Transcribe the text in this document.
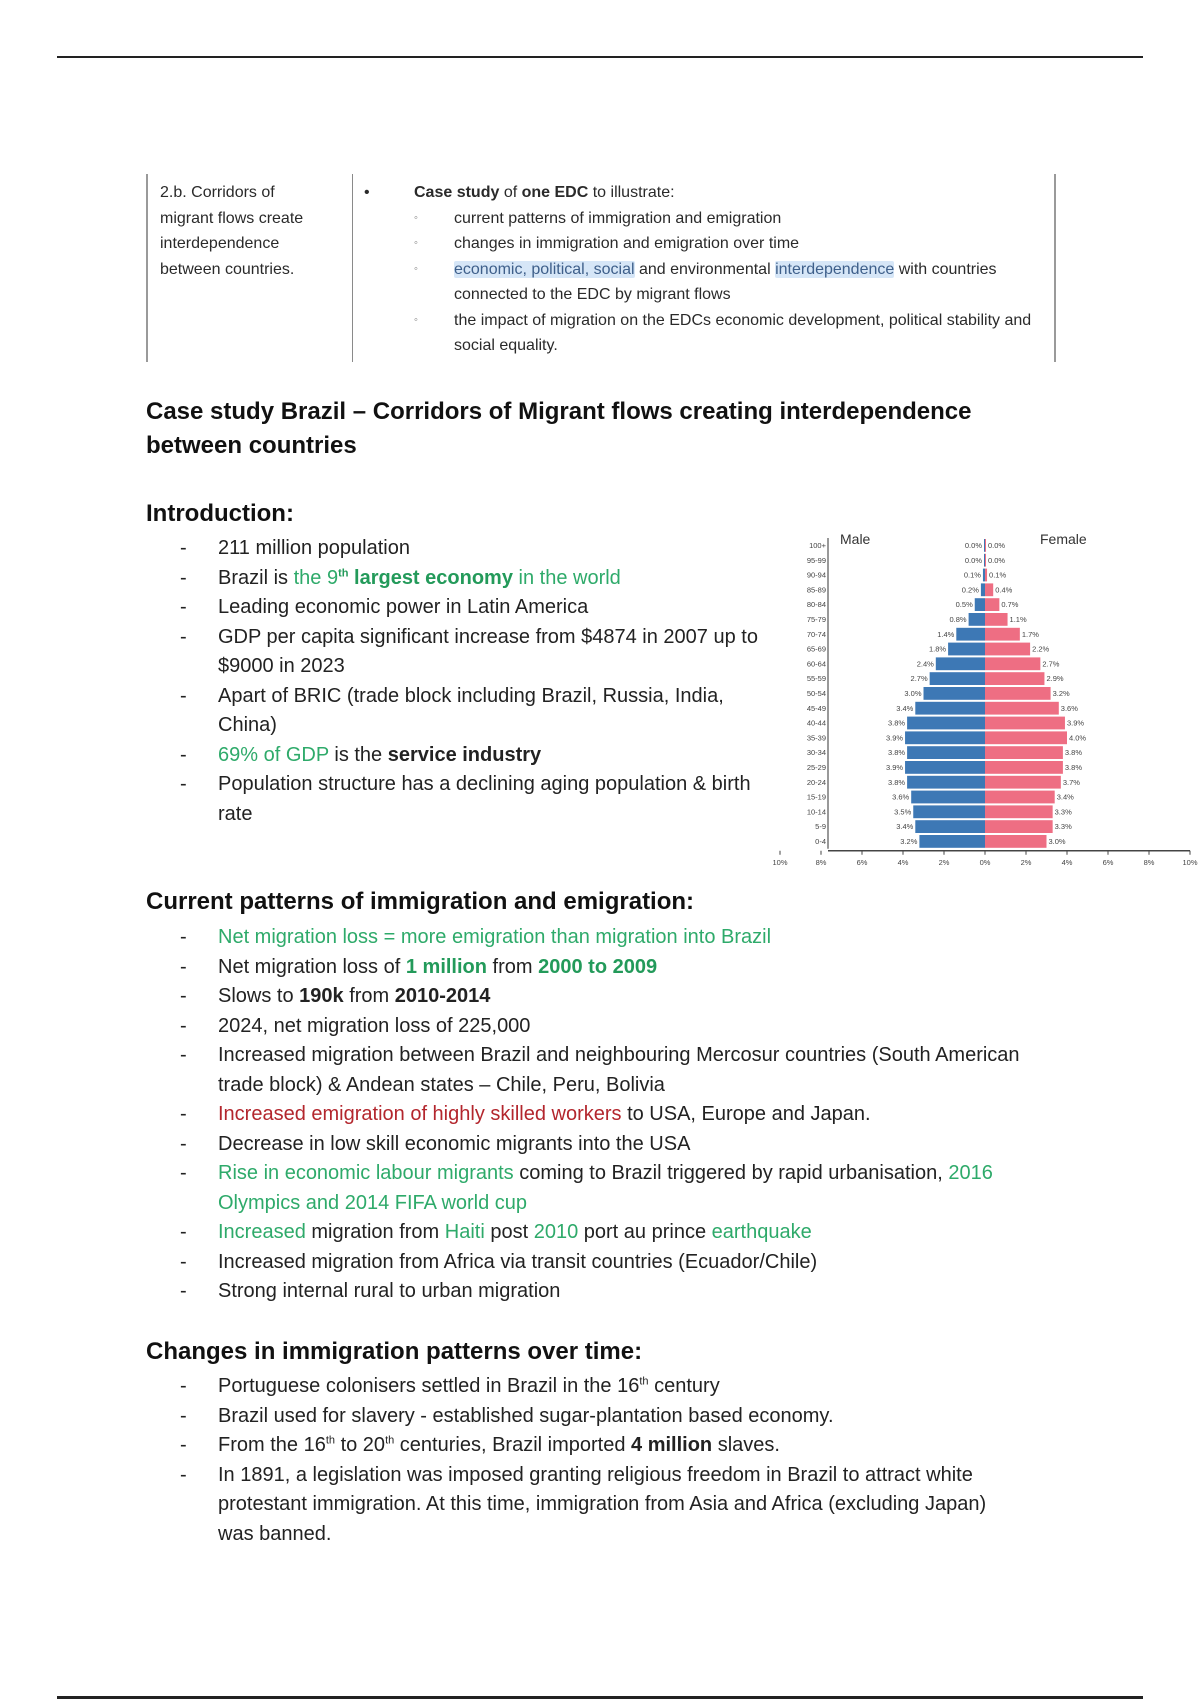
2.b. Corridors of migrant flows create interdependence between countries.
•	Case study of one EDC to illustrate:
◦ current patterns of immigration and emigration
◦ changes in immigration and emigration over time
◦ economic, political, social and environmental interdependence with countries connected to the EDC by migrant flows
◦ the impact of migration on the EDCs economic development, political stability and social equality.
Case study Brazil – Corridors of Migrant flows creating interdependence between countries
Introduction:
- 211 million population
- Brazil is the 9th largest economy in the world
- Leading economic power in Latin America
- GDP per capita significant increase from $4874 in 2007 up to $9000 in 2023
- Apart of BRIC (trade block including Brazil, Russia, India, China)
- 69% of GDP is the service industry
- Population structure has a declining aging population & birth rate
Male	Female
100+	0.0% 0.0%
95-99	0.0% 0.0%
90-94	0.1% 0.1%
85-89	0.2% 0.4%
80-84	0.5%	0.7%
75-79	0.8%	1.1%
70-74	1.4%	1.7%
65-69	1.8%	2.2%
60-64	2.4%	2.7%
55-59	2.7%	2.9%
50-54	3.0%	3.2%
45-49	3.4%	3.6%
40-44	3.8%	3.9%
35-39	3.9%	4.0%
30-34	3.8%	3.8%
25-29	3.9%	3.8%
20-24	3.8%	3.7%
15-19	3.6%	3.4%
10-14	3.5%	3.3%
5-9	3.4%	3.3%
0-4	3.2%	3.0%
10%	8%	6%	4%	2%	0%	2%	4%	6%	8%	10%
Current patterns of immigration and emigration:
- Net migration loss = more emigration than migration into Brazil
- Net migration loss of 1 million from 2000 to 2009
- Slows to 190k from 2010-2014
- 2024, net migration loss of 225,000
- Increased migration between Brazil and neighbouring Mercosur countries (South American trade block) & Andean states – Chile, Peru, Bolivia
- Increased emigration of highly skilled workers to USA, Europe and Japan.
- Decrease in low skill economic migrants into the USA
- Rise in economic labour migrants coming to Brazil triggered by rapid urbanisation, 2016 Olympics and 2014 FIFA world cup
- Increased migration from Haiti post 2010 port au prince earthquake
- Increased migration from Africa via transit countries (Ecuador/Chile)
- Strong internal rural to urban migration
Changes in immigration patterns over time:
- Portuguese colonisers settled in Brazil in the 16th century
- Brazil used for slavery - established sugar-plantation based economy.
- From the 16th to 20th centuries, Brazil imported 4 million slaves.
- In 1891, a legislation was imposed granting religious freedom in Brazil to attract white protestant immigration. At this time, immigration from Asia and Africa (excluding Japan) was banned.
